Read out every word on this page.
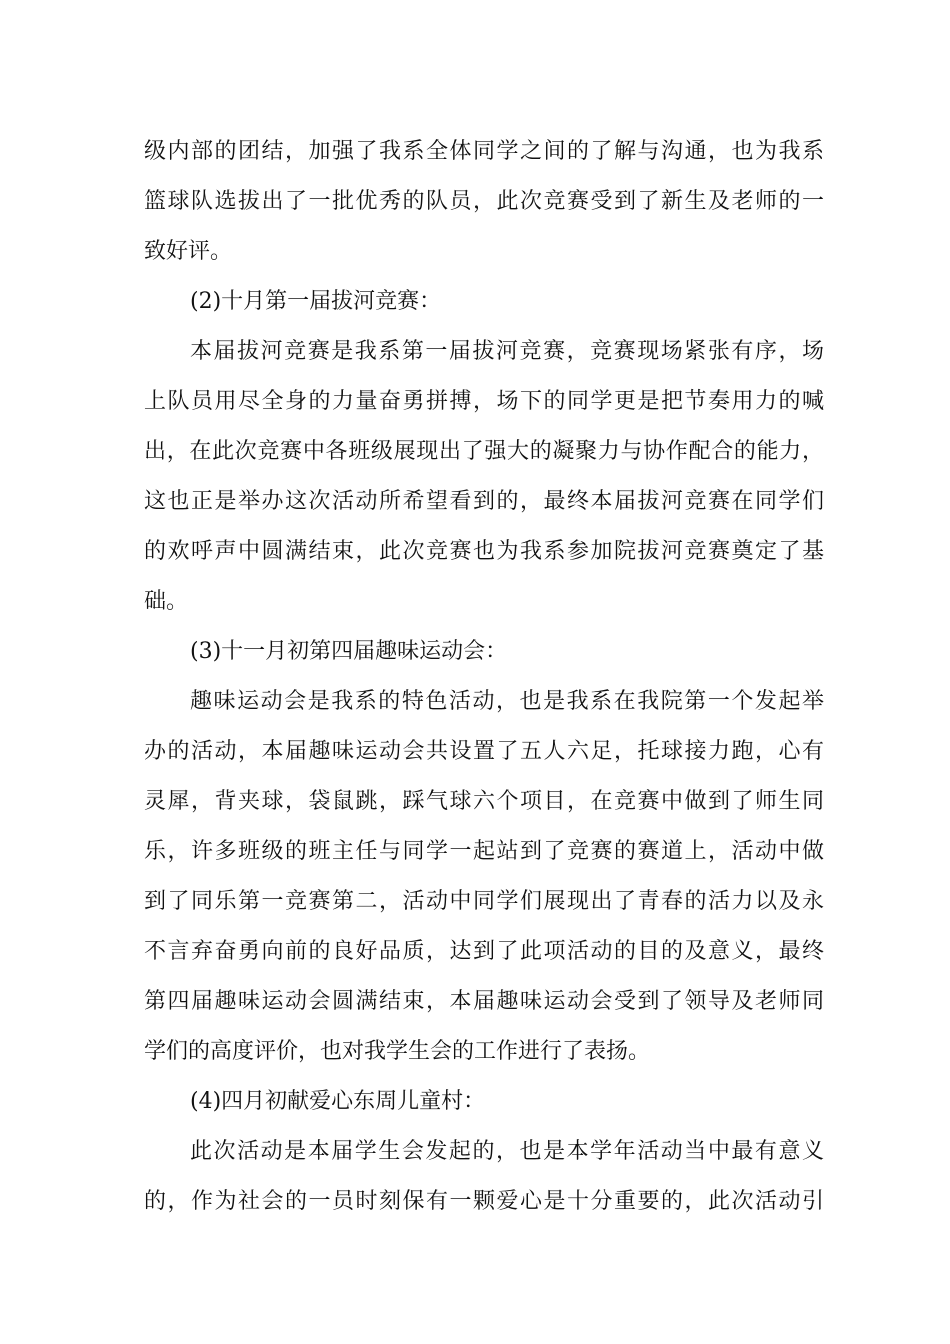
级内部的团结，加强了我系全体同学之间的了解与沟通，也为我系
篮球队选拔出了一批优秀的队员，此次竞赛受到了新生及老师的一
致好评。
(2)十月第一届拔河竞赛：
本届拔河竞赛是我系第一届拔河竞赛，竞赛现场紧张有序，场
上队员用尽全身的力量奋勇拼搏，场下的同学更是把节奏用力的喊
出，在此次竞赛中各班级展现出了强大的凝聚力与协作配合的能力，
这也正是举办这次活动所希望看到的，最终本届拔河竞赛在同学们
的欢呼声中圆满结束，此次竞赛也为我系参加院拔河竞赛奠定了基
础。
(3)十一月初第四届趣味运动会：
趣味运动会是我系的特色活动，也是我系在我院第一个发起举
办的活动，本届趣味运动会共设置了五人六足，托球接力跑，心有
灵犀，背夹球，袋鼠跳，踩气球六个项目，在竞赛中做到了师生同
乐，许多班级的班主任与同学一起站到了竞赛的赛道上，活动中做
到了同乐第一竞赛第二，活动中同学们展现出了青春的活力以及永
不言弃奋勇向前的良好品质，达到了此项活动的目的及意义，最终
第四届趣味运动会圆满结束，本届趣味运动会受到了领导及老师同
学们的高度评价，也对我学生会的工作进行了表扬。
(4)四月初献爱心东周儿童村：
此次活动是本届学生会发起的，也是本学年活动当中最有意义
的，作为社会的一员时刻保有一颗爱心是十分重要的，此次活动引
